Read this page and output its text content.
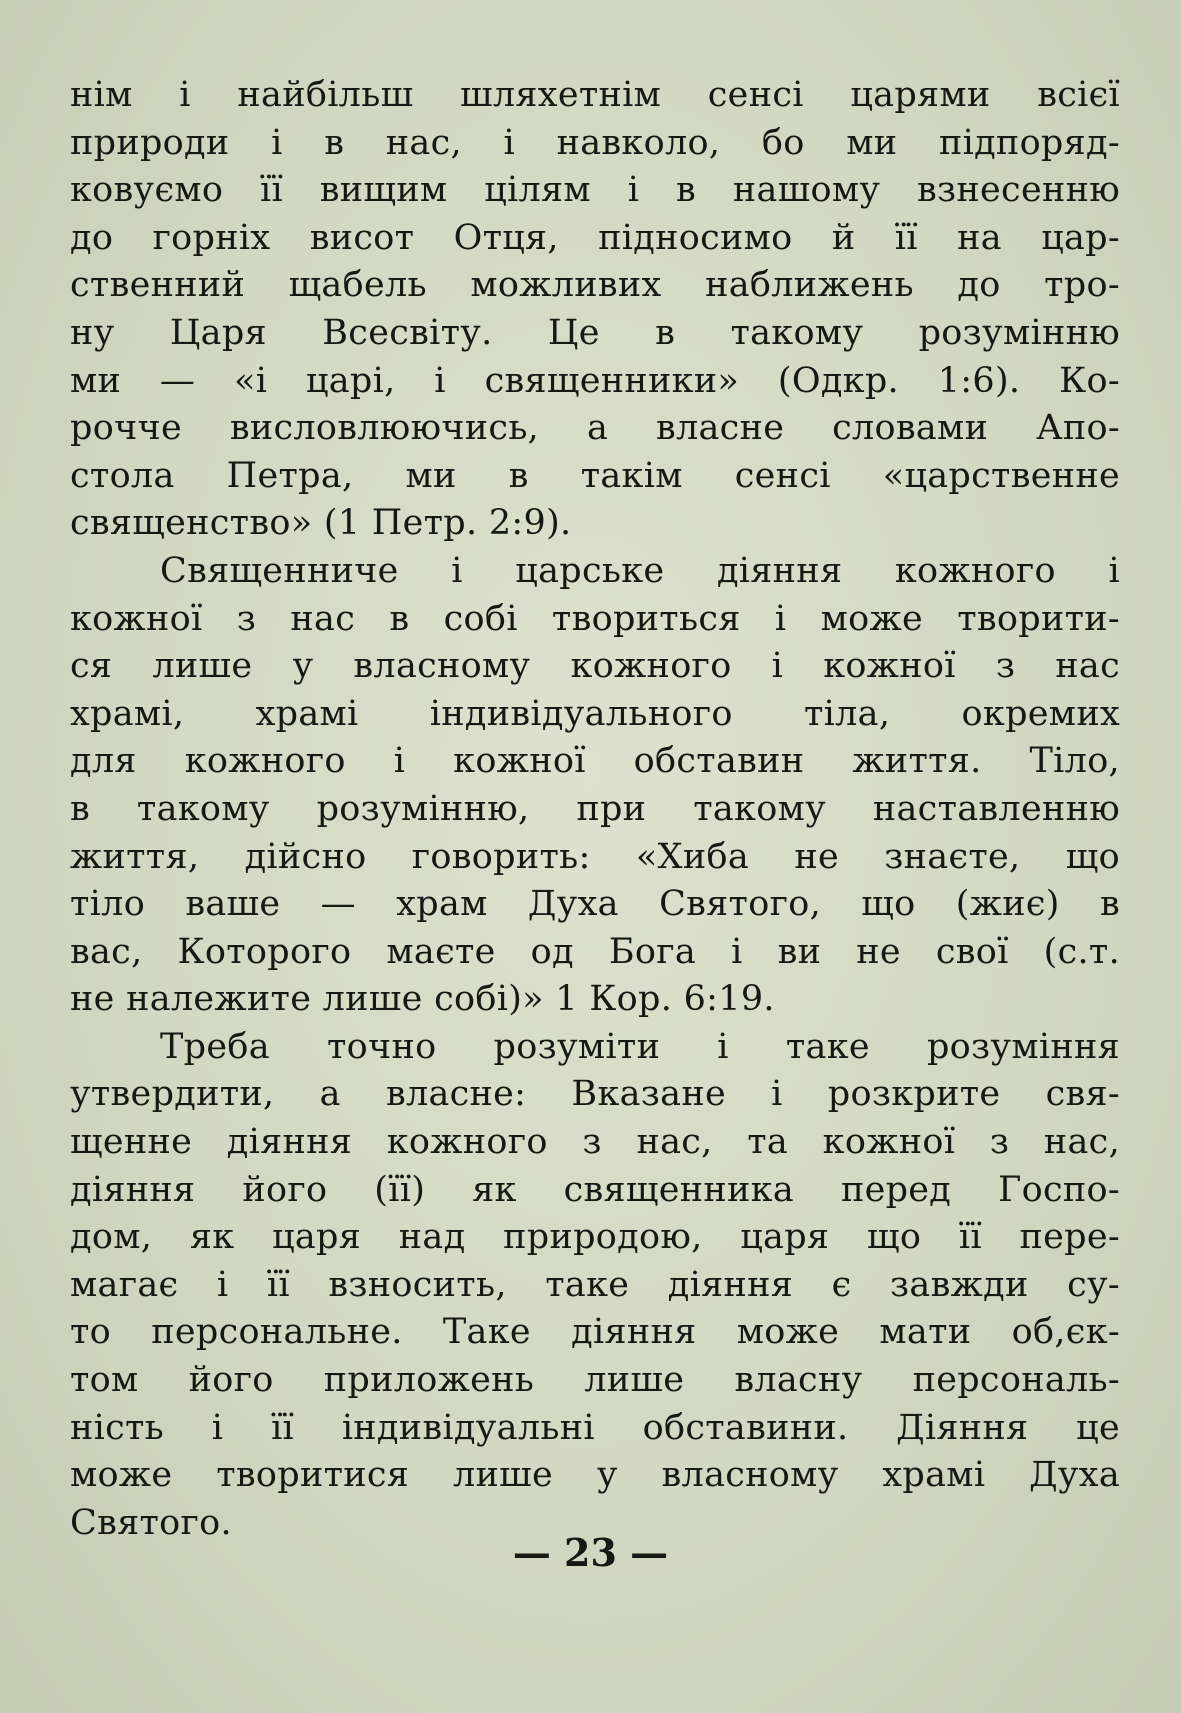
нім і найбільш шляхетнім сенсі царями всієї
природи і в нас, і навколо, бо ми підпоряд-
ковуємо її вищим цілям і в нашому взнесенню
до горніх висот Отця, підносимо й її на цар-
ственний щабель можливих наближень до тро-
ну Царя Всесвіту. Це в такому розумінню
ми — «і царі, і священники» (Одкр. 1:6). Ко-
рочче висловлюючись, а власне словами Апо-
стола Петра, ми в такім сенсі «царственне
священство» (1 Петр. 2:9).
Священниче і царське діяння кожного і
кожної з нас в собі твориться і може творити-
ся лише у власному кожного і кожної з нас
храмі, храмі індивідуального тіла, окремих
для кожного і кожної обставин життя. Тіло,
в такому розумінню, при такому наставленню
життя, дійсно говорить: «Хиба не знаєте, що
тіло ваше — храм Духа Святого, що (жиє) в
вас, Которого маєте од Бога і ви не свої (с.т.
не належите лише собі)» 1 Кор. 6:19.
Треба точно розуміти і таке розуміння
утвердити, а власне: Вказане і розкрите свя-
щенне діяння кожного з нас, та кожної з нас,
діяння його (її) як священника перед Госпо-
дом, як царя над природою, царя що її пере-
магає і її взносить, таке діяння є завжди су-
то персональне. Таке діяння може мати об,єк-
том його приложень лише власну персональ-
ність і її індивідуальні обставини. Діяння це
може творитися лише у власному храмі Духа
Святого.
— 23 —
